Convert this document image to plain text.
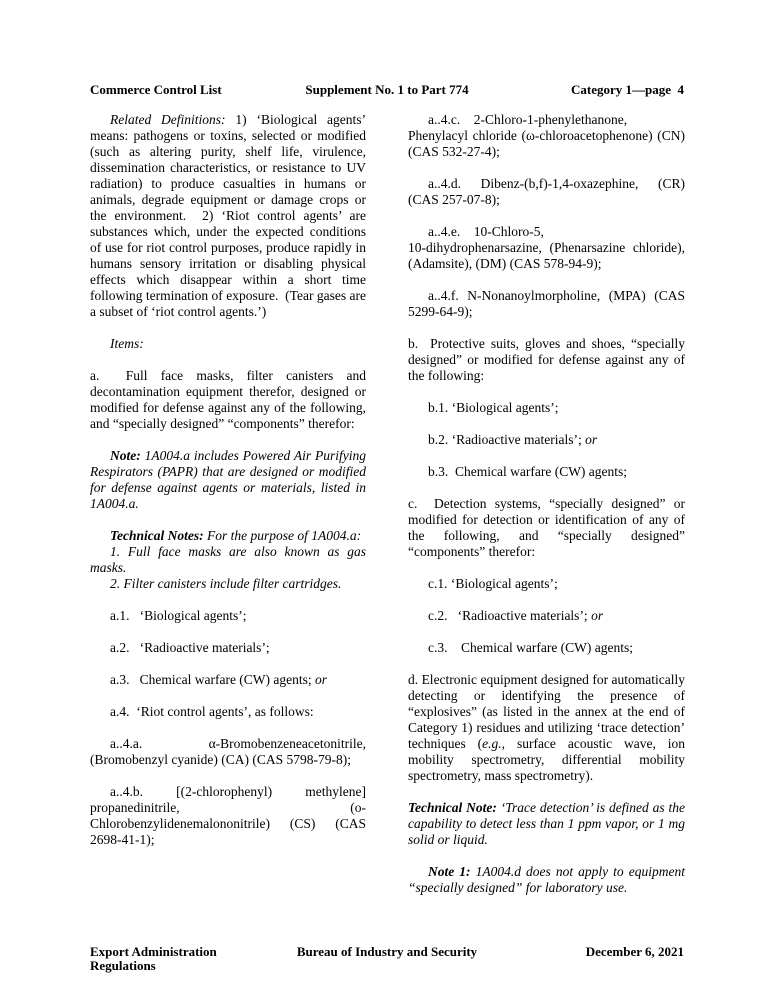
Commerce Control List	Supplement No. 1 to Part 774	Category 1—page  4

Related Definitions: 1) ‘Biological agents’ means: pathogens or toxins, selected or modified (such as altering purity, shelf life, virulence, dissemination characteristics, or resistance to UV radiation) to produce casualties in humans or animals, degrade equipment or damage crops or the environment.  2) ‘Riot control agents’ are substances which, under the expected conditions of use for riot control purposes, produce rapidly in humans sensory irritation or disabling physical effects which disappear within a short time following termination of exposure.  (Tear gases are a subset of ‘riot control agents.’)

Items:

a.  Full face masks, filter canisters and decontamination equipment therefor, designed or modified for defense against any of the following, and “specially designed” “components” therefor:

Note: 1A004.a includes Powered Air Purifying Respirators (PAPR) that are designed or modified for defense against agents or materials, listed in 1A004.a.

Technical Notes: For the purpose of 1A004.a:

1. Full face masks are also known as gas masks.

2. Filter canisters include filter cartridges.

a.1.   ‘Biological agents’;

a.2.   ‘Radioactive materials’;

a.3.   Chemical warfare (CW) agents; or

a.4.  ‘Riot control agents’, as follows:

a..4.a. α-Bromobenzeneacetonitrile, (Bromobenzyl cyanide) (CA) (CAS 5798-79-8);

a..4.b. [(2-chlorophenyl) methylene] propanedinitrile, (o-Chlorobenzylidenemalononitrile) (CS) (CAS 2698-41-1);

a..4.c.    2-Chloro-1-phenylethanone,
Phenylacyl chloride (ω-chloroacetophenone) (CN) (CAS 532-27-4);

a..4.d. Dibenz-(b,f)-1,4-oxazephine, (CR) (CAS 257-07-8);

a..4.e.    10-Chloro-5,
10-dihydrophenarsazine, (Phenarsazine chloride), (Adamsite), (DM) (CAS 578-94-9);

a..4.f. N-Nonanoylmorpholine, (MPA) (CAS 5299-64-9);

b.  Protective suits, gloves and shoes, “specially designed” or modified for defense against any of the following:

b.1. ‘Biological agents’;

b.2. ‘Radioactive materials’; or

b.3.  Chemical warfare (CW) agents;

c.  Detection systems, “specially designed” or modified for detection or identification of any of the following, and “specially designed” “components” therefor:

c.1. ‘Biological agents’;

c.2.   ‘Radioactive materials’; or

c.3.    Chemical warfare (CW) agents;

d. Electronic equipment designed for automatically detecting or identifying the presence of “explosives” (as listed in the annex at the end of Category 1) residues and utilizing ‘trace detection’ techniques (e.g., surface acoustic wave, ion mobility spectrometry, differential mobility spectrometry, mass spectrometry).

Technical Note: ‘Trace detection’ is defined as the capability to detect less than 1 ppm vapor, or 1 mg solid or liquid.

Note 1: 1A004.d does not apply to equipment “specially designed” for laboratory use.

Export Administration Regulations
Bureau of Industry and Security	December 6, 2021
